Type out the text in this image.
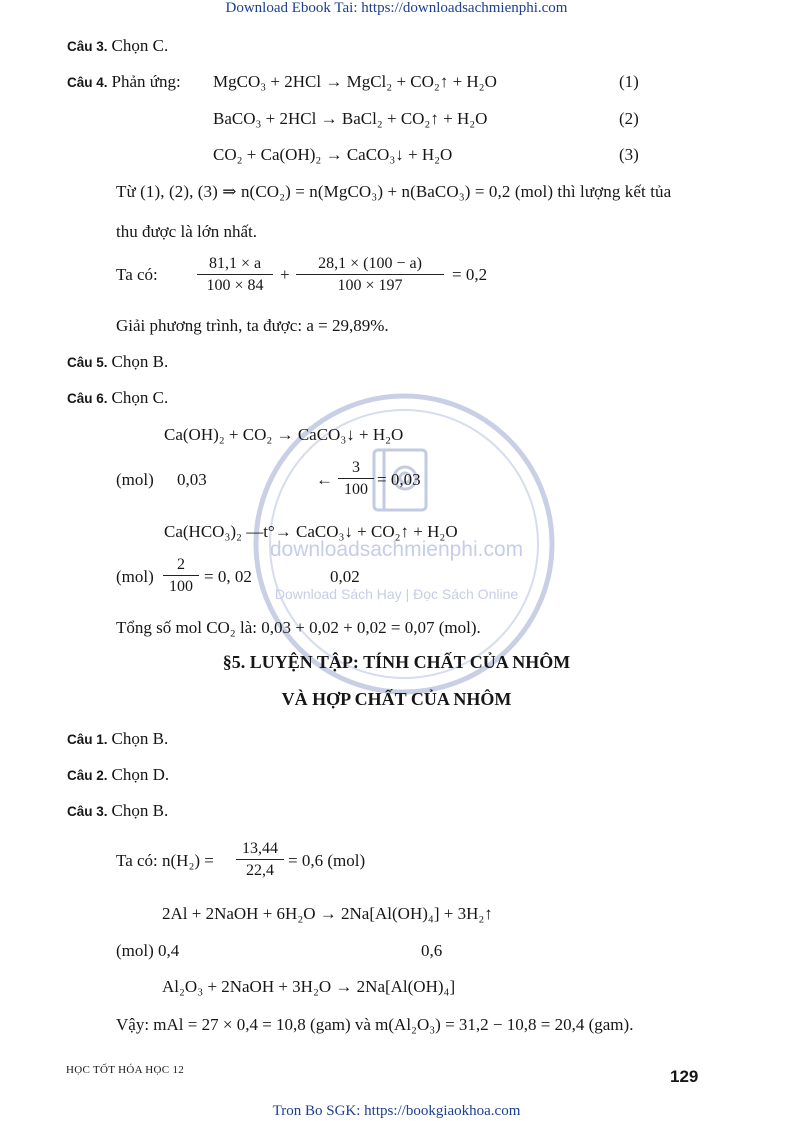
Download Ebook Tai: https://downloadsachmienphi.com
downloadsachmienphi.com
Download Sách Hay | Đọc Sách Online
Câu 3. Chọn C.
Câu 4. Phản ứng: MgCO₃ + 2HCl → MgCl₂ + CO₂↑ + H₂O	(1)
BaCO₃ + 2HCl → BaCl₂ + CO₂↑ + H₂O	(2)
CO₂ + Ca(OH)₂ → CaCO₃↓ + H₂O	(3)
Từ (1), (2), (3) ⇒ n(CO₂) = n(MgCO₃) + n(BaCO₃) = 0,2 (mol) thì lượng kết tủa
thu được là lớn nhất.
Ta có: $\frac{81,1 \times a}{100 \times 84} + \frac{28,1 \times (100 - a)}{100 \times 197} = 0,2$
Giải phương trình, ta được: a = 29,89%.
Câu 5. Chọn B.
Câu 6. Chọn C.
Ca(OH)₂ + CO₂ → CaCO₃↓ + H₂O
(mol) 0,03	← $\frac{3}{100} = 0,03$
Ca(HCO₃)₂ —t°→ CaCO₃↓ + CO₂↑ + H₂O
$(mol) \frac{2}{100} = 0$, 02	0,02
Tổng số mol CO₂ là: 0,03 + 0,02 + 0,02 = 0,07 (mol).
§5. LUYỆN TẬP: TÍNH CHẤT CỦA NHÔM
VÀ HỢP CHẤT CỦA NHÔM
Câu 1. Chọn B.
Câu 2. Chọn D.
Câu 3. Chọn B.
Ta có: $n(H_2) = \frac{13,44}{22,4} = 0,6$ (mol)
2Al + 2NaOH + 6H₂O → 2Na[Al(OH)₄] + 3H₂↑
(mol) 0,4	0,6
Al₂O₃ + 2NaOH + 3H₂O → 2Na[Al(OH)₄]
Vậy: mAl = 27 × 0,4 = 10,8 (gam) và m(Al₂O₃) = 31,2 − 10,8 = 20,4 (gam).
HỌC TỐT HÓA HỌC 12	129
Tron Bo SGK: https://bookgiaokhoa.com
